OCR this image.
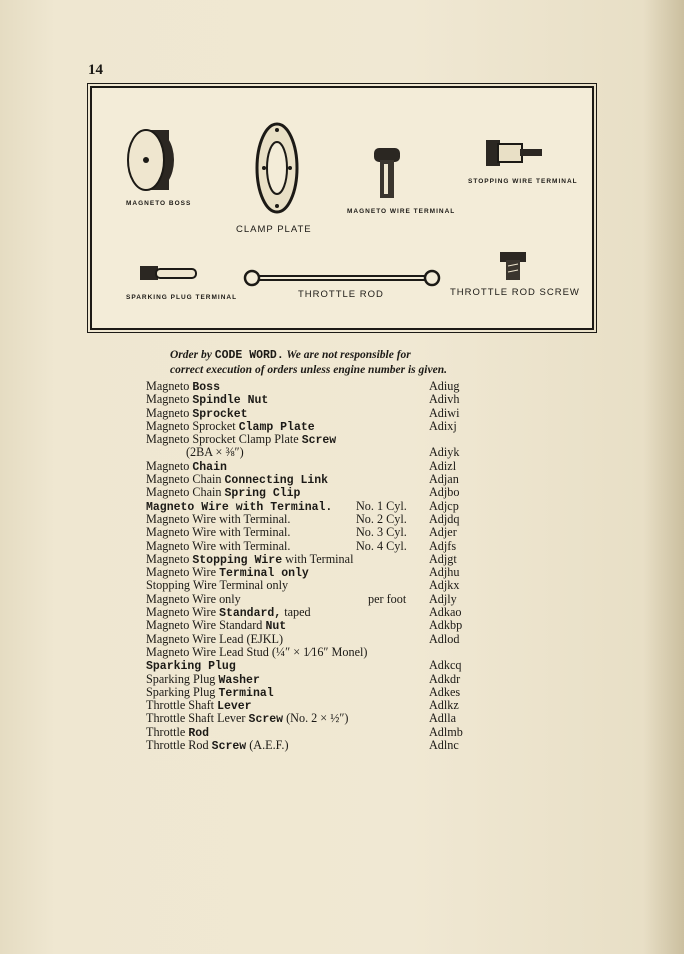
14
MAGNETO BOSS
CLAMP PLATE
MAGNETO WIRE TERMINAL
STOPPING WIRE TERMINAL
SPARKING PLUG TERMINAL	THROTTLE ROD	THROTTLE ROD SCREW
Order by CODE WORD. We are not responsible for
correct execution of orders unless engine number is given.
Magneto Boss	Adiug
Magneto Spindle Nut	Adivh
Magneto Sprocket	Adiwi
Magneto Sprocket Clamp Plate	Adixj
Magneto Sprocket Clamp Plate Screw
(2BA × ⅜″)	Adiyk
Magneto Chain	Adizl
Magneto Chain Connecting Link	Adjan
Magneto Chain Spring Clip	Adjbo
Magneto Wire with Terminal. No. 1 Cyl. Adjcp
Magneto Wire with Terminal.	No. 2 Cyl. Adjdq
Magneto Wire with Terminal.	No. 3 Cyl. Adjer
Magneto Wire with Terminal.	No. 4 Cyl. Adjfs
Magneto Stopping Wire with Terminal	Adjgt
Magneto Wire Terminal only	Adjhu
Stopping Wire Terminal only	Adjkx
Magneto Wire only	per foot Adjly
Magneto Wire Standard, taped	Adkao
Magneto Wire Standard Nut	Adkbp
Magneto Wire Lead (EJKL)	Adlod
Magneto Wire Lead Stud (¼″ × 1⁄16″ Monel)
Sparking Plug	Adkcq
Sparking Plug Washer	Adkdr
Sparking Plug Terminal	Adkes
Throttle Shaft Lever	Adlkz
Throttle Shaft Lever Screw (No. 2 × ½″)	Adlla
Throttle Rod	Adlmb
Throttle Rod Screw (A.E.F.)	Adlnc
